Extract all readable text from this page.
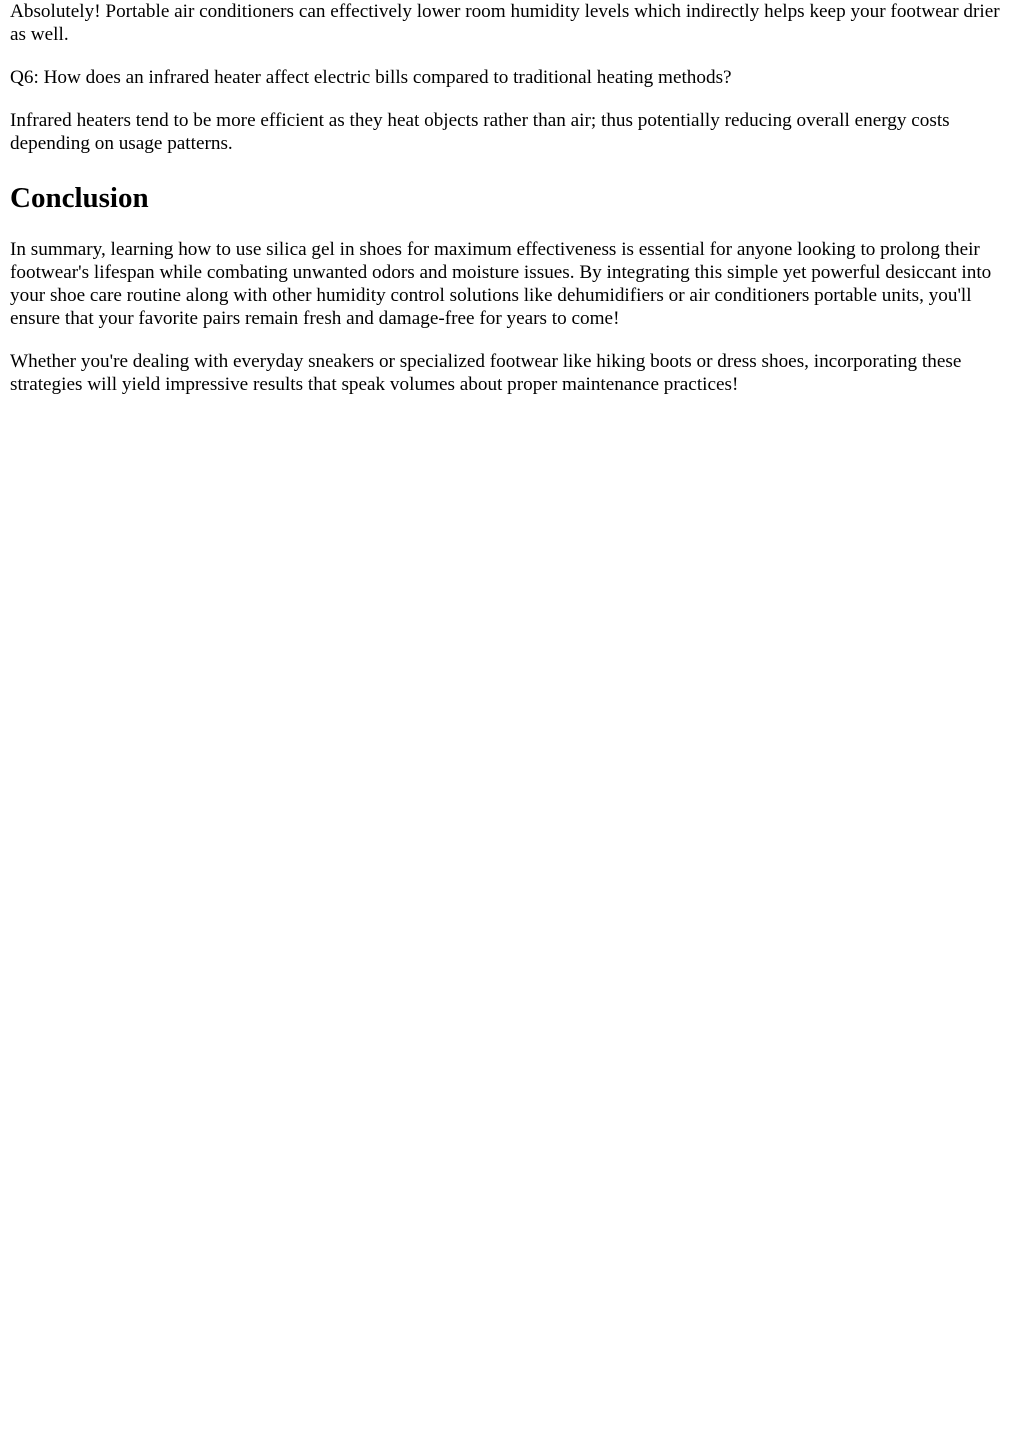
Absolutely! Portable air conditioners can effectively lower room humidity levels which indirectly helps keep your footwear drier as well.

Q6: How does an infrared heater affect electric bills compared to traditional heating methods?

Infrared heaters tend to be more efficient as they heat objects rather than air; thus potentially reducing overall energy costs depending on usage patterns.

Conclusion

In summary, learning how to use silica gel in shoes for maximum effectiveness is essential for anyone looking to prolong their footwear's lifespan while combating unwanted odors and moisture issues. By integrating this simple yet powerful desiccant into your shoe care routine along with other humidity control solutions like dehumidifiers or air conditioners portable units, you'll ensure that your favorite pairs remain fresh and damage-free for years to come!

Whether you're dealing with everyday sneakers or specialized footwear like hiking boots or dress shoes, incorporating these strategies will yield impressive results that speak volumes about proper maintenance practices!
